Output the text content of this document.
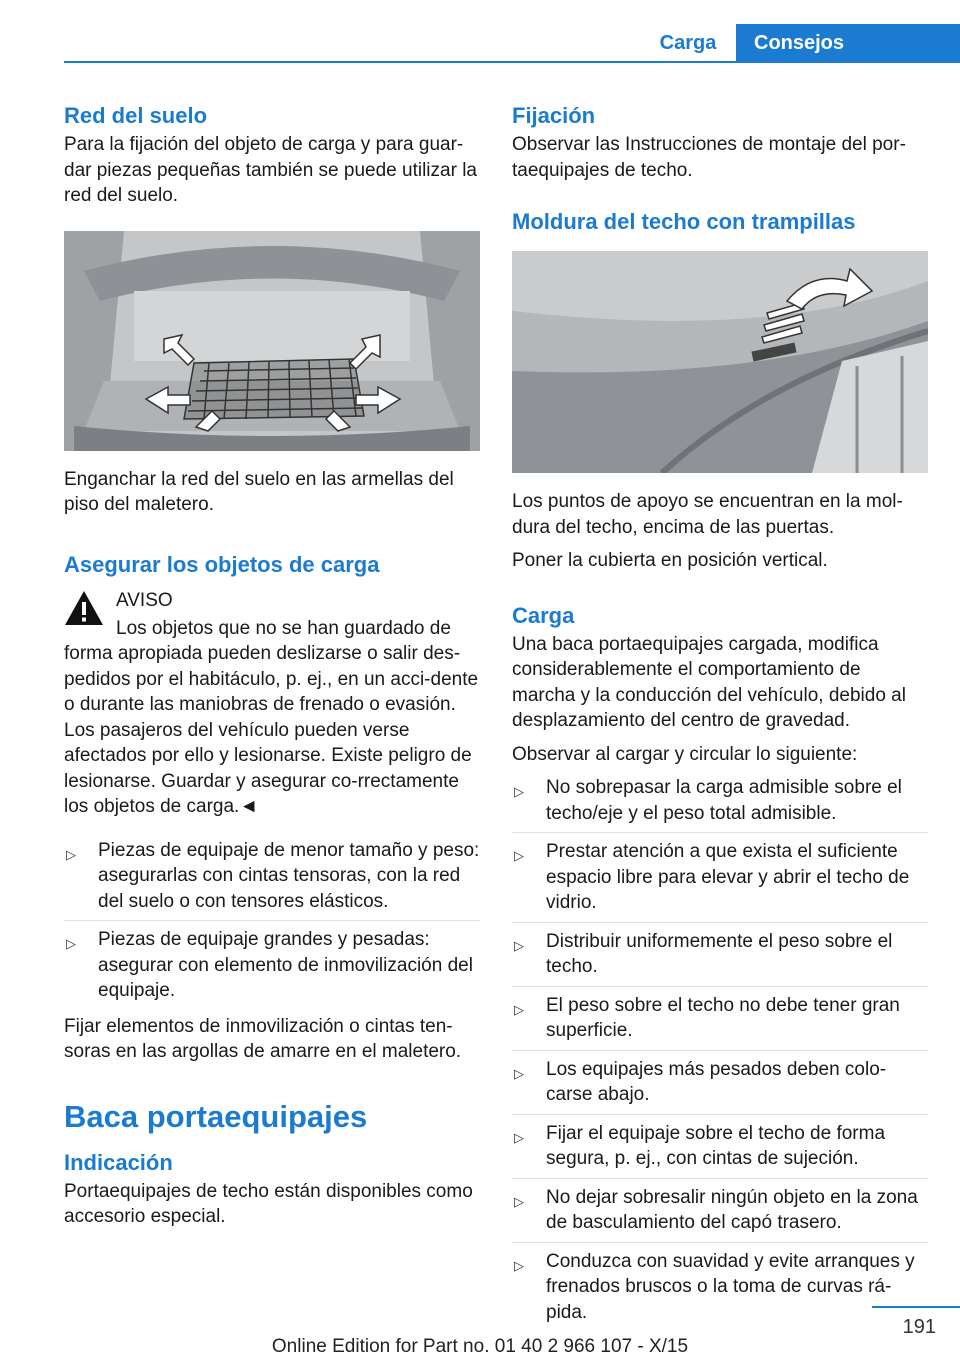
Carga	Consejos
Red del suelo

Para la fijación del objeto de carga y para guar-dar piezas pequeñas también se puede utilizar la red del suelo.

Enganchar la red del suelo en las armellas del piso del maletero.

Asegurar los objetos de carga

AVISO

Los objetos que no se han guardado de forma apropiada pueden deslizarse o salir des-pedidos por el habitáculo, p. ej., en un acci-dente o durante las maniobras de frenado o evasión. Los pasajeros del vehículo pueden verse afectados por ello y lesionarse. Existe peligro de lesionarse. Guardar y asegurar co-rrectamente los objetos de carga.◄

▷ Piezas de equipaje de menor tamaño y peso: asegurarlas con cintas tensoras, con la red del suelo o con tensores elásticos.
▷ Piezas de equipaje grandes y pesadas: asegurar con elemento de inmovilización del equipaje.

Fijar elementos de inmovilización o cintas ten-soras en las argollas de amarre en el maletero.

Baca portaequipajes
Indicación

Portaequipajes de techo están disponibles como accesorio especial.

Fijación

Observar las Instrucciones de montaje del por-taequipajes de techo.

Moldura del techo con trampillas

Los puntos de apoyo se encuentran en la mol-dura del techo, encima de las puertas.

Poner la cubierta en posición vertical.

Carga

Una baca portaequipajes cargada, modifica considerablemente el comportamiento de marcha y la conducción del vehículo, debido al desplazamiento del centro de gravedad.

Observar al cargar y circular lo siguiente:

▷ No sobrepasar la carga admisible sobre el techo/eje y el peso total admisible.
▷ Prestar atención a que exista el suficiente espacio libre para elevar y abrir el techo de vidrio.
▷ Distribuir uniformemente el peso sobre el techo.
▷ El peso sobre el techo no debe tener gran superficie.
▷ Los equipajes más pesados deben colo-carse abajo.
▷ Fijar el equipaje sobre el techo de forma segura, p. ej., con cintas de sujeción.
▷ No dejar sobresalir ningún objeto en la zona de basculamiento del capó trasero.
▷ Conduzca con suavidad y evite arranques y frenados bruscos o la toma de curvas rá-pida.
191
Online Edition for Part no. 01 40 2 966 107 - X/15
